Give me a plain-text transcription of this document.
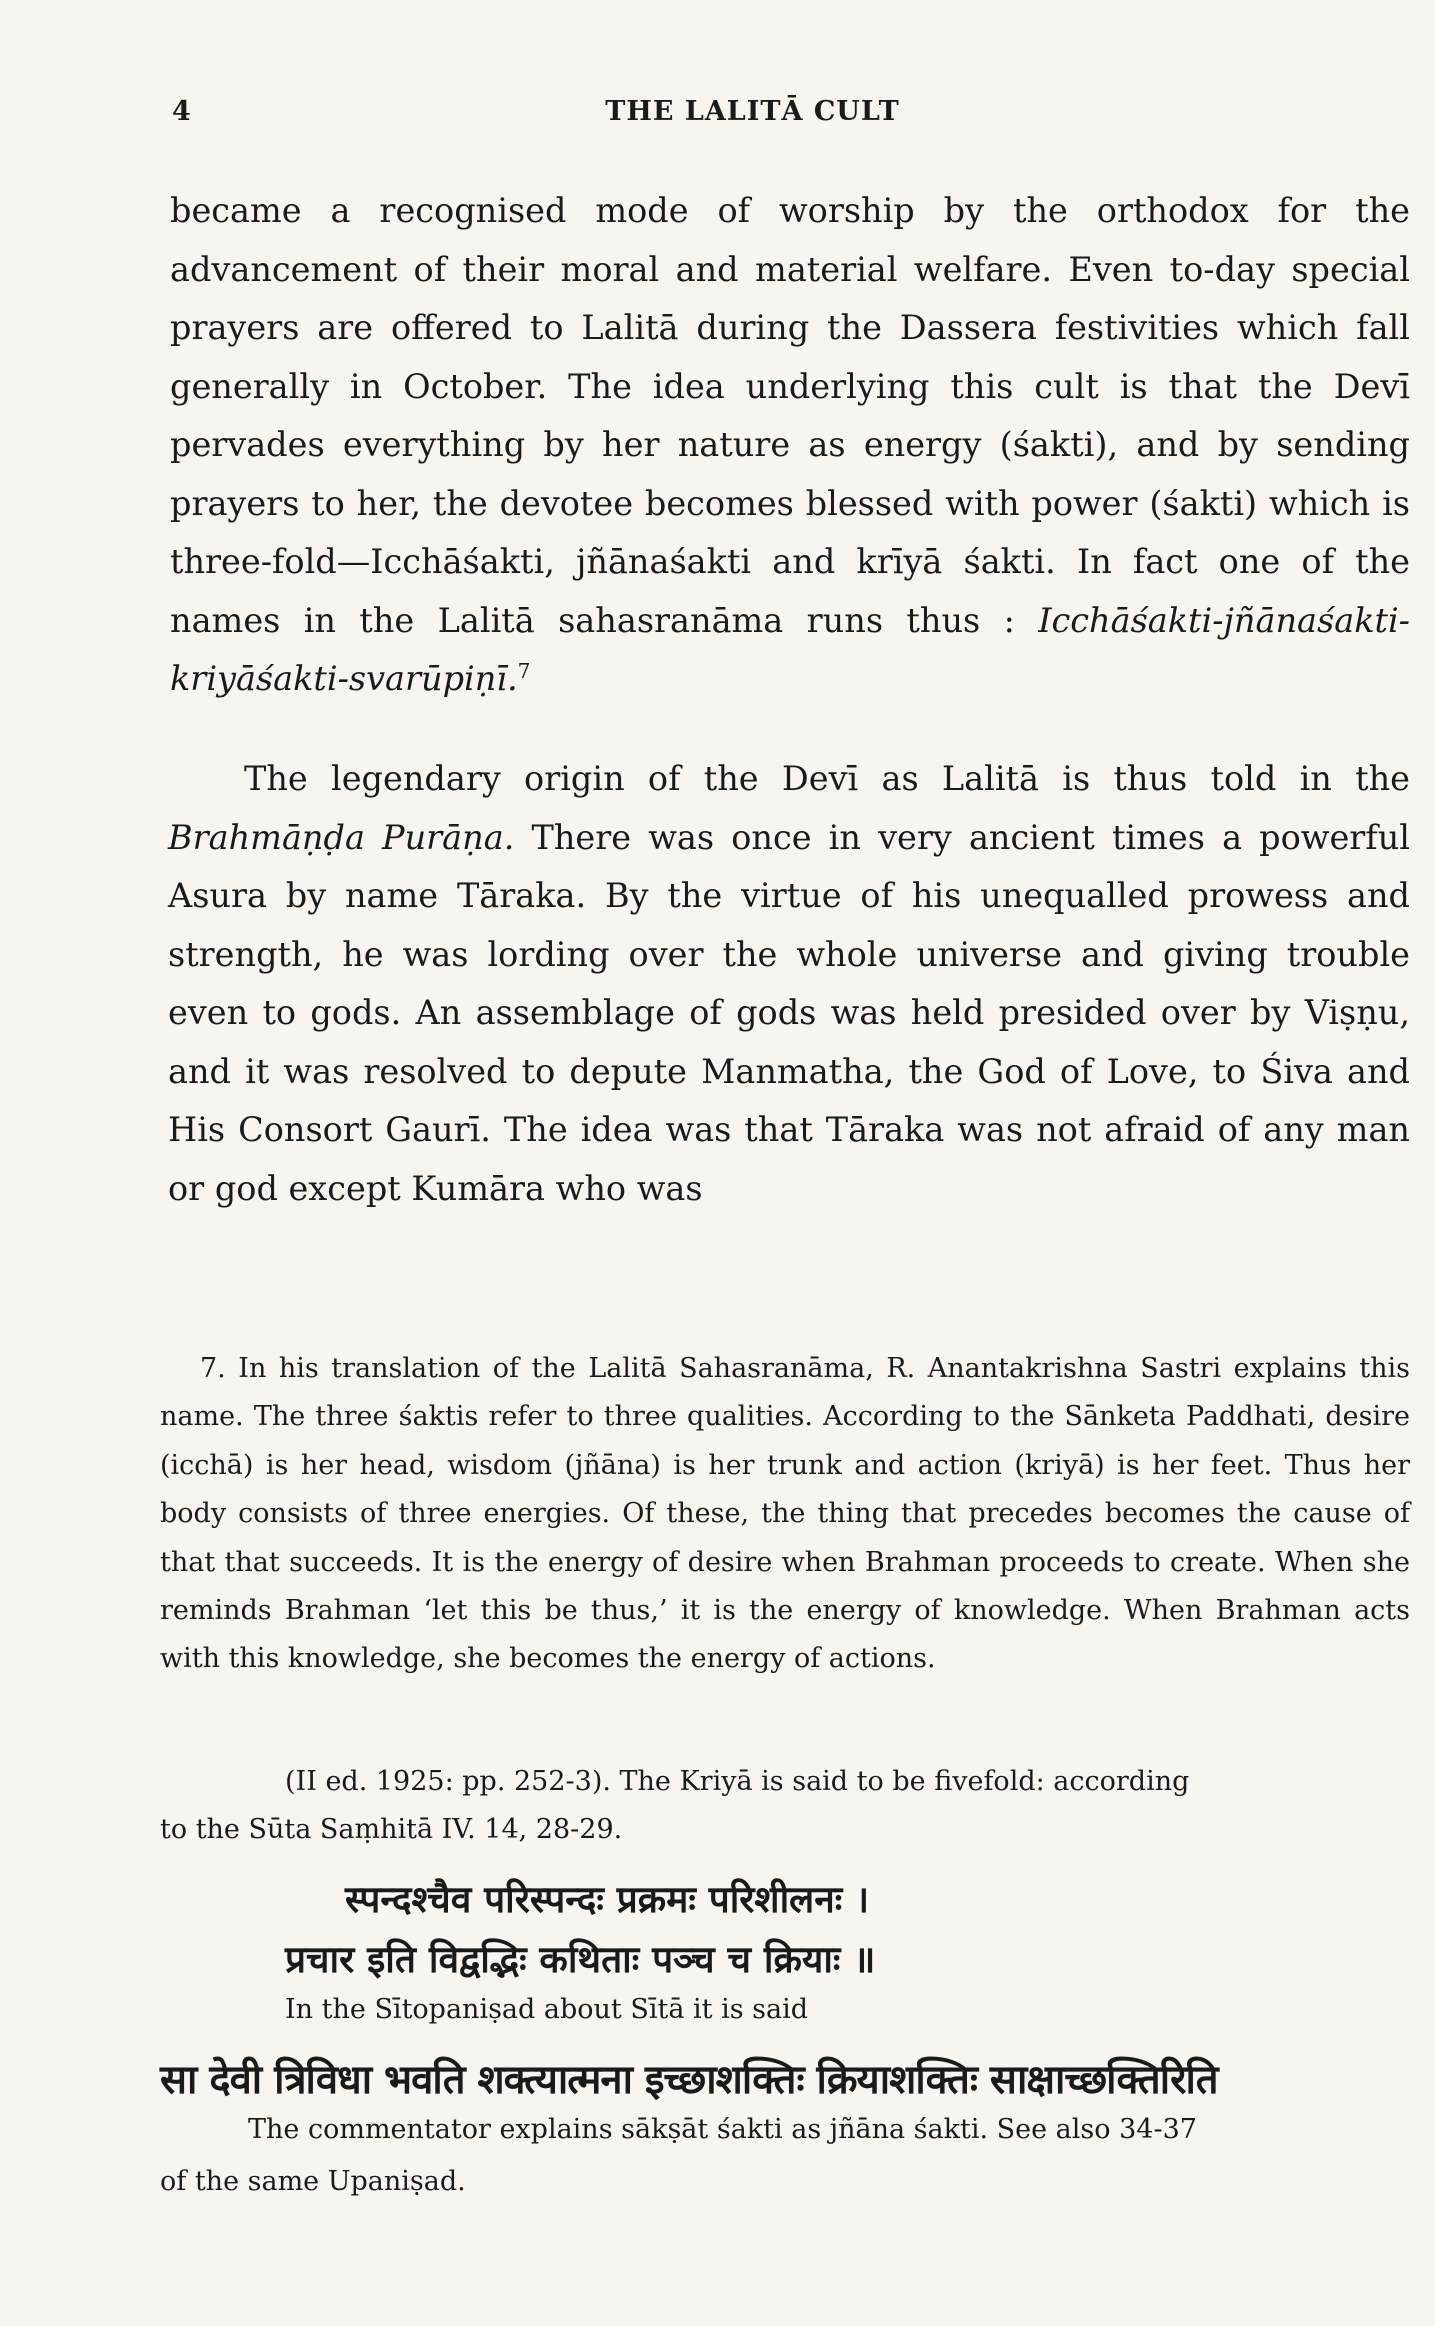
4	THE LALITĀ CULT

became a recognised mode of worship by the orthodox for the advancement of their moral and material welfare. Even to-day special prayers are offered to Lalitā during the Dassera festivities which fall generally in October. The idea underlying this cult is that the Devī pervades everything by her nature as energy (śakti), and by sending prayers to her, the devotee becomes blessed with power (śakti) which is three-fold—Icchāśakti, jñānaśakti and krīyā śakti. In fact one of the names in the Lalitā sahasranāma runs thus : Icchāśakti-jñānaśakti-kriyāśakti-svarūpiṇī.$^7$

The legendary origin of the Devī as Lalitā is thus told in the Brahmāṇḍa Purāṇa. There was once in very ancient times a powerful Asura by name Tāraka. By the virtue of his unequalled prowess and strength, he was lording over the whole universe and giving trouble even to gods. An assemblage of gods was held presided over by Viṣṇu, and it was resolved to depute Manmatha, the God of Love, to Śiva and His Consort Gaurī. The idea was that Tāraka was not afraid of any man or god except Kumāra who was

7. In his translation of the Lalitā Sahasranāma, R. Anantakrishna Sastri explains this name. The three śaktis refer to three qualities. According to the Sānketa Paddhati, desire (icchā) is her head, wisdom (jñāna) is her trunk and action (kriyā) is her feet. Thus her body consists of three energies. Of these, the thing that precedes becomes the cause of that that succeeds. It is the energy of desire when Brahman proceeds to create. When she reminds Brahman ‘let this be thus,’ it is the energy of knowledge. When Brahman acts with this knowledge, she becomes the energy of actions.

(II ed. 1925: pp. 252-3). The Kriyā is said to be fivefold: according

to the Sūta Saṃhitā IV. 14, 28-29.

स्पन्दश्चैव परिस्पन्दः प्रक्रमः परिशीलनः ।
प्रचार इति विद्वद्भिः कथिताः पञ्च च क्रियाः ॥

In the Sītopaniṣad about Sītā it is said

सा देवी त्रिविधा भवति शक्त्यात्मना इच्छाशक्तिः क्रियाशक्तिः साक्षाच्छक्तिरिति

The commentator explains sākṣāt śakti as jñāna śakti. See also 34-37

of the same Upaniṣad.
